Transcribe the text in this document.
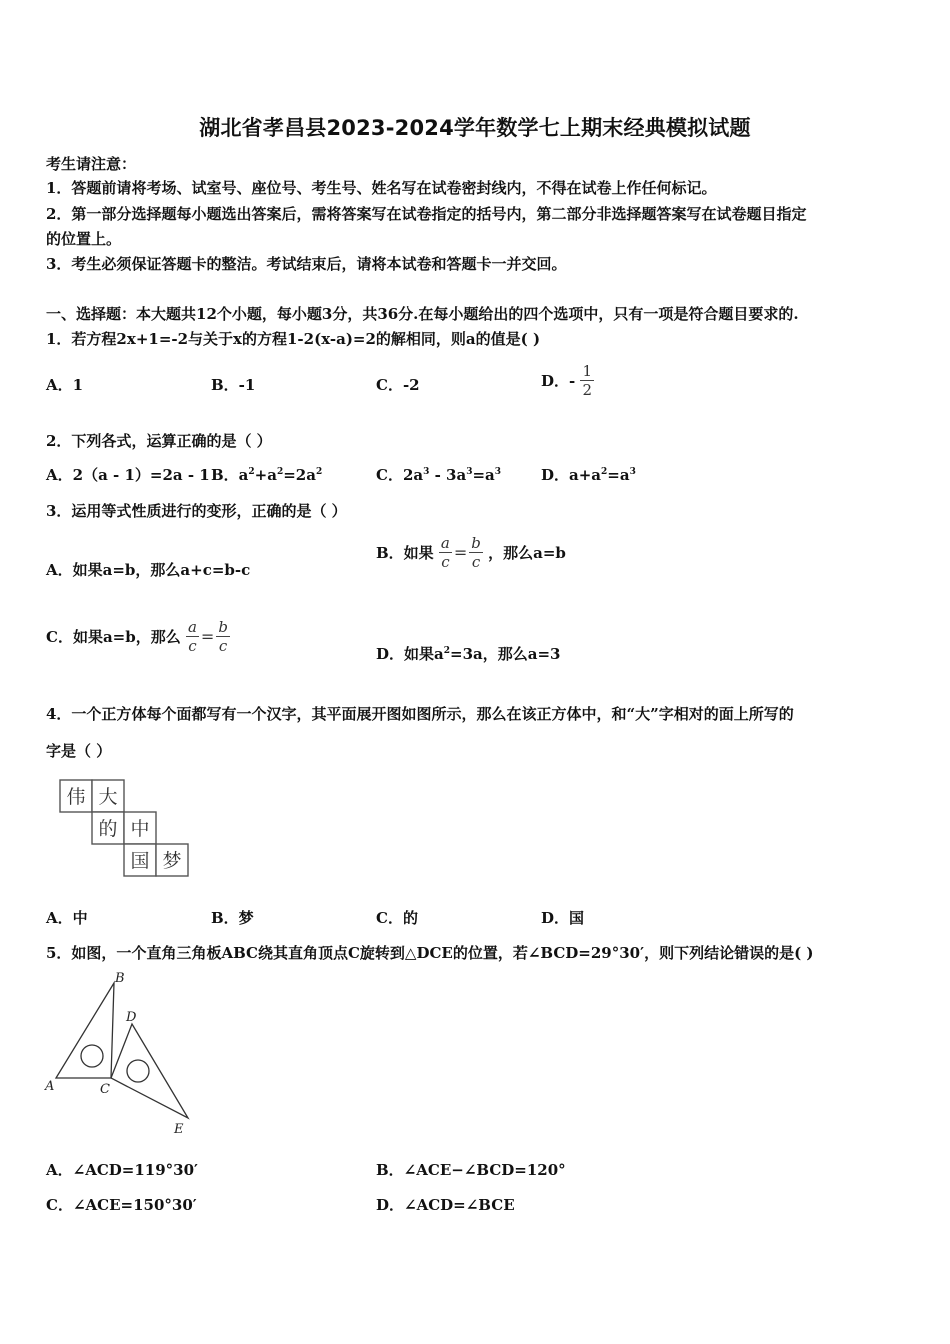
湖北省孝昌县2023-2024学年数学七上期末经典模拟试题
考生请注意：
1．答题前请将考场、试室号、座位号、考生号、姓名写在试卷密封线内，不得在试卷上作任何标记。
2．第一部分选择题每小题选出答案后，需将答案写在试卷指定的括号内，第二部分非选择题答案写在试卷题目指定
的位置上。
3．考生必须保证答题卡的整洁。考试结束后，请将本试卷和答题卡一并交回。
一、选择题：本大题共12个小题，每小题3分，共36分.在每小题给出的四个选项中，只有一项是符合题目要求的.
1．若方程2x+1=-2与关于x的方程1-2(x-a)=2的解相同，则a的值是( )
A．1	B．-1	C．-2	D．- $\frac{1}{2}$
2．下列各式，运算正确的是（ ）
A．2（a - 1）=2a - 1 B．$a^2+a^2=2a^2$	C．$2a^3 - 3a^3=a^3$	D．$a+a^2=a^3$
3．运用等式性质进行的变形，正确的是（ ）
A．如果a=b，那么a+c=b-c
B．如果 $\frac{a}{c} = \frac{b}{c}$ ，那么a=b
C．如果a=b，那么 $\frac{a}{c} = \frac{b}{c}$	D．如果$a^2=3a$，那么a=3
4．一个正方体每个面都写有一个汉字，其平面展开图如图所示，那么在该正方体中，和“大”字相对的面上所写的
字是（ ）
伟 大
的 中
国 梦
A．中	B．梦	C．的	D．国
5．如图，一个直角三角板ABC绕其直角顶点C旋转到△DCE的位置，若∠BCD=29°30′，则下列结论错误的是( )
B
D
A	C
E
A．∠ACD=119°30′	B．∠ACE−∠BCD=120°
C．∠ACE=150°30′	D．∠ACD=∠BCE
